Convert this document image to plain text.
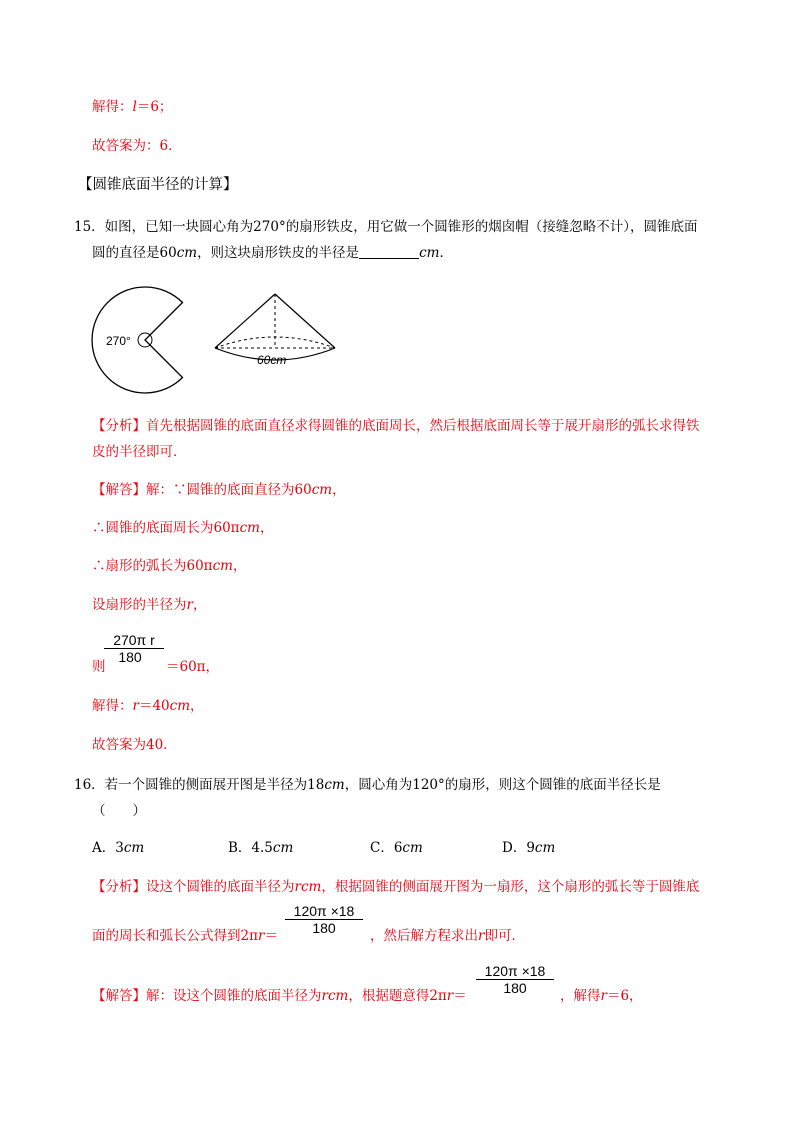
解得：l＝6；
故答案为：6．
【圆锥底面半径的计算】
15．如图，已知一块圆心角为270°的扇形铁皮，用它做一个圆锥形的烟囱帽（接缝忽略不计），圆锥底面
圆的直径是60cm，则这块扇形铁皮的半径是	cm．
270°
60cm
【分析】首先根据圆锥的底面直径求得圆锥的底面周长，然后根据底面周长等于展开扇形的弧长求得铁
皮的半径即可．
【解答】解：∵圆锥的底面直径为60cm，
∴圆锥的底面周长为60πcm，
∴扇形的弧长为60πcm，
设扇形的半径为r，
$\frac{\text{270π r}}{180}$
则	＝60π，
解得：r＝40cm，
故答案为40．
16．若一个圆锥的侧面展开图是半径为18cm，圆心角为120°的扇形，则这个圆锥的底面半径长是
（　　）
A．3cm	B．4.5cm	C．6cm	D．9cm
【分析】设这个圆锥的底面半径为rcm，根据圆锥的侧面展开图为一扇形，这个扇形的弧长等于圆锥底
$\frac{120\pi \times 18}{180}$
面的周长和弧长公式得到2πr＝	，然后解方程求出r即可．
$\frac{120\pi \times 18}{180}$
【解答】解：设这个圆锥的底面半径为rcm，根据题意得2πr＝	，解得r＝6，
